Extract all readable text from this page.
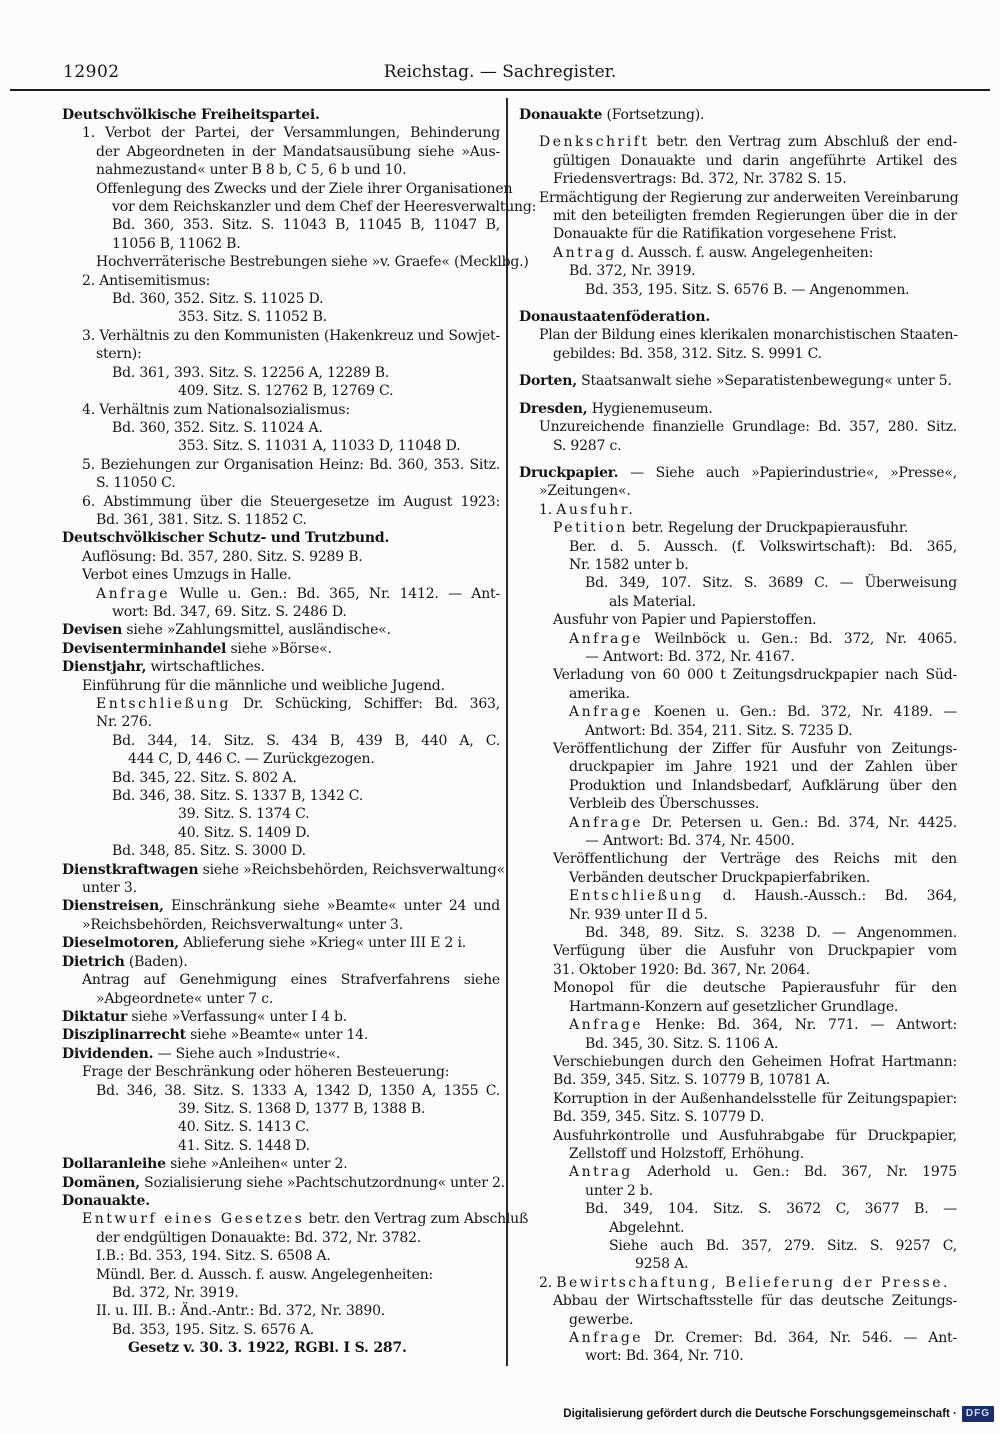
12902	Reichstag. — Sachregister.
Deutschvölkische Freiheitspartei.
1. Verbot der Partei, der Versammlungen, Behinderung
der Abgeordneten in der Mandatsausübung siehe »Aus-
nahmezustand« unter B 8 b, C 5, 6 b und 10.
Offenlegung des Zwecks und der Ziele ihrer Organisationen
vor dem Reichskanzler und dem Chef der Heeresverwaltung:
Bd. 360, 353. Sitz. S. 11043 B, 11045 B, 11047 B,
11056 B, 11062 B.
Hochverräterische Bestrebungen siehe »v. Graefe« (Mecklbg.)
2. Antisemitismus:
Bd. 360, 352. Sitz. S. 11025 D.
353. Sitz. S. 11052 B.
3. Verhältnis zu den Kommunisten (Hakenkreuz und Sowjet-
stern):
Bd. 361, 393. Sitz. S. 12256 A, 12289 B.
409. Sitz. S. 12762 B, 12769 C.
4. Verhältnis zum Nationalsozialismus:
Bd. 360, 352. Sitz. S. 11024 A.
353. Sitz. S. 11031 A, 11033 D, 11048 D.
5. Beziehungen zur Organisation Heinz: Bd. 360, 353. Sitz.
S. 11050 C.
6. Abstimmung über die Steuergesetze im August 1923:
Bd. 361, 381. Sitz. S. 11852 C.
Deutschvölkischer Schutz- und Trutzbund.
Auflösung: Bd. 357, 280. Sitz. S. 9289 B.
Verbot eines Umzugs in Halle.
Anfrage Wulle u. Gen.: Bd. 365, Nr. 1412. — Ant-
wort: Bd. 347, 69. Sitz. S. 2486 D.
Devisen siehe »Zahlungsmittel, ausländische«.
Devisenterminhandel siehe »Börse«.
Dienstjahr, wirtschaftliches.
Einführung für die männliche und weibliche Jugend.
Entschließung Dr. Schücking, Schiffer: Bd. 363,
Nr. 276.
Bd. 344, 14. Sitz. S. 434 B, 439 B, 440 A, C.
444 C, D, 446 C. — Zurückgezogen.
Bd. 345, 22. Sitz. S. 802 A.
Bd. 346, 38. Sitz. S. 1337 B, 1342 C.
39. Sitz. S. 1374 C.
40. Sitz. S. 1409 D.
Bd. 348, 85. Sitz. S. 3000 D.
Dienstkraftwagen siehe »Reichsbehörden, Reichsverwaltung«
unter 3.
Dienstreisen, Einschränkung siehe »Beamte« unter 24 und
»Reichsbehörden, Reichsverwaltung« unter 3.
Dieselmotoren, Ablieferung siehe »Krieg« unter III E 2 i.
Dietrich (Baden).
Antrag auf Genehmigung eines Strafverfahrens siehe
»Abgeordnete« unter 7 c.
Diktatur siehe »Verfassung« unter I 4 b.
Disziplinarrecht siehe »Beamte« unter 14.
Dividenden. — Siehe auch »Industrie«.
Frage der Beschränkung oder höheren Besteuerung:
Bd. 346, 38. Sitz. S. 1333 A, 1342 D, 1350 A, 1355 C.
39. Sitz. S. 1368 D, 1377 B, 1388 B.
40. Sitz. S. 1413 C.
41. Sitz. S. 1448 D.
Dollaranleihe siehe »Anleihen« unter 2.
Domänen, Sozialisierung siehe »Pachtschutzordnung« unter 2.
Donauakte.
Entwurf eines Gesetzes betr. den Vertrag zum Abschluß
der endgültigen Donauakte: Bd. 372, Nr. 3782.
I.B.: Bd. 353, 194. Sitz. S. 6508 A.
Mündl. Ber. d. Aussch. f. ausw. Angelegenheiten:
Bd. 372, Nr. 3919.
II. u. III. B.: Änd.-Antr.: Bd. 372, Nr. 3890.
Bd. 353, 195. Sitz. S. 6576 A.
Gesetz v. 30. 3. 1922, RGBl. I S. 287.
Donauakte (Fortsetzung).
Denkschrift betr. den Vertrag zum Abschluß der end-
gültigen Donauakte und darin angeführte Artikel des
Friedensvertrags: Bd. 372, Nr. 3782 S. 15.
Ermächtigung der Regierung zur anderweiten Vereinbarung
mit den beteiligten fremden Regierungen über die in der
Donauakte für die Ratifikation vorgesehene Frist.
Antrag d. Aussch. f. ausw. Angelegenheiten:
Bd. 372, Nr. 3919.
Bd. 353, 195. Sitz. S. 6576 B. — Angenommen.
Donaustaatenföderation.
Plan der Bildung eines klerikalen monarchistischen Staaten-
gebildes: Bd. 358, 312. Sitz. S. 9991 C.
Dorten, Staatsanwalt siehe »Separatistenbewegung« unter 5.
Dresden, Hygienemuseum.
Unzureichende finanzielle Grundlage: Bd. 357, 280. Sitz.
S. 9287 c.
Druckpapier. — Siehe auch »Papierindustrie«, »Presse«,
»Zeitungen«.
1. Ausfuhr.
Petition betr. Regelung der Druckpapierausfuhr.
Ber. d. 5. Aussch. (f. Volkswirtschaft): Bd. 365,
Nr. 1582 unter b.
Bd. 349, 107. Sitz. S. 3689 C. — Überweisung
als Material.
Ausfuhr von Papier und Papierstoffen.
Anfrage Weilnböck u. Gen.: Bd. 372, Nr. 4065.
— Antwort: Bd. 372, Nr. 4167.
Verladung von 60 000 t Zeitungsdruckpapier nach Süd-
amerika.
Anfrage Koenen u. Gen.: Bd. 372, Nr. 4189. —
Antwort: Bd. 354, 211. Sitz. S. 7235 D.
Veröffentlichung der Ziffer für Ausfuhr von Zeitungs-
druckpapier im Jahre 1921 und der Zahlen über
Produktion und Inlandsbedarf, Aufklärung über den
Verbleib des Überschusses.
Anfrage Dr. Petersen u. Gen.: Bd. 374, Nr. 4425.
— Antwort: Bd. 374, Nr. 4500.
Veröffentlichung der Verträge des Reichs mit den
Verbänden deutscher Druckpapierfabriken.
Entschließung d. Haush.-Aussch.: Bd. 364,
Nr. 939 unter II d 5.
Bd. 348, 89. Sitz. S. 3238 D. — Angenommen.
Verfügung über die Ausfuhr von Druckpapier vom
31. Oktober 1920: Bd. 367, Nr. 2064.
Monopol für die deutsche Papierausfuhr für den
Hartmann-Konzern auf gesetzlicher Grundlage.
Anfrage Henke: Bd. 364, Nr. 771. — Antwort:
Bd. 345, 30. Sitz. S. 1106 A.
Verschiebungen durch den Geheimen Hofrat Hartmann:
Bd. 359, 345. Sitz. S. 10779 B, 10781 A.
Korruption in der Außenhandelsstelle für Zeitungspapier:
Bd. 359, 345. Sitz. S. 10779 D.
Ausfuhrkontrolle und Ausfuhrabgabe für Druckpapier,
Zellstoff und Holzstoff, Erhöhung.
Antrag Aderhold u. Gen.: Bd. 367, Nr. 1975
unter 2 b.
Bd. 349, 104. Sitz. S. 3672 C, 3677 B. —
Abgelehnt.
Siehe auch Bd. 357, 279. Sitz. S. 9257 C,
9258 A.
2. Bewirtschaftung, Belieferung der Presse.
Abbau der Wirtschaftsstelle für das deutsche Zeitungs-
gewerbe.
Anfrage Dr. Cremer: Bd. 364, Nr. 546. — Ant-
wort: Bd. 364, Nr. 710.
Digitalisierung gefördert durch die Deutsche Forschungsgemeinschaft · DFG
